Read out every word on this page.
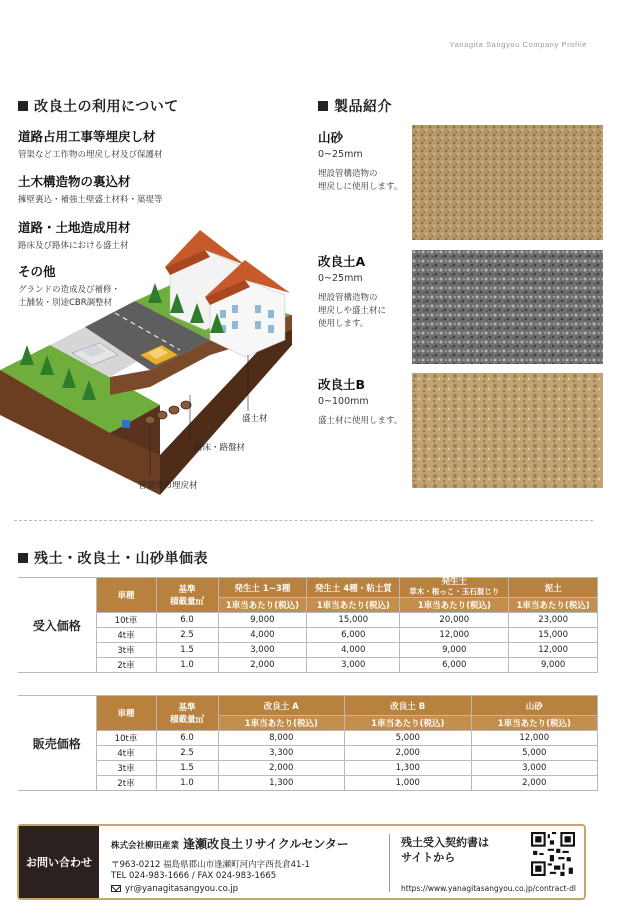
Yanagita Sangyou Company Profile
改良土の利用について
道路占用工事等埋戻し材
管渠など工作物の埋戻し材及び保護材
土木構造物の裏込材
擁壁裏込・補強土壁盛土材料・築堤等
道路・土地造成用材
路床及び路体における盛土材
その他
グランドの造成及び補修・
土舗装・別途CBR調整材
盛土材
路床・路盤材
管渠等の埋戻材
製品紹介
山砂
0~25mm
埋設管構造物の
埋戻しに使用します。
改良土A
0~25mm
埋設管構造物の
埋戻しや盛土材に
使用します。
改良土B
0~100mm
盛土材に使用します。
残土・改良土・山砂単価表
受入価格	車種	基準
積載量㎥	発生土 1~3種	発生土 4種・粘土質	発生土
草木・根っこ・玉石混じり	泥土
			1車当あたり(税込)	1車当あたり(税込)	1車当あたり(税込)	1車当あたり(税込)
	10t車	6.0	9,000	15,000	20,000	23,000
	4t車	2.5	4,000	6,000	12,000	15,000
	3t車	1.5	3,000	4,000	9,000	12,000
	2t車	1.0	2,000	3,000	6,000	9,000
販売価格	車種	基準
積載量㎥	改良土 A	改良土 B	山砂
			1車当あたり(税込)	1車当あたり(税込)	1車当あたり(税込)
	10t車	6.0	8,000	5,000	12,000
	4t車	2.5	3,300	2,000	5,000
	3t車	1.5	2,000	1,300	3,000
	2t車	1.0	1,300	1,000	2,000
お問い合わせ
株式会社柳田産業 逢瀬改良土リサイクルセンター
〒963-0212 福島県郡山市逢瀬町河内字西長倉41-1
TEL 024-983-1666 / FAX 024-983-1665
yr@yanagitasangyou.co.jp
残土受入契約書は
サイトから
https://www.yanagitasangyou.co.jp/contract-dl
